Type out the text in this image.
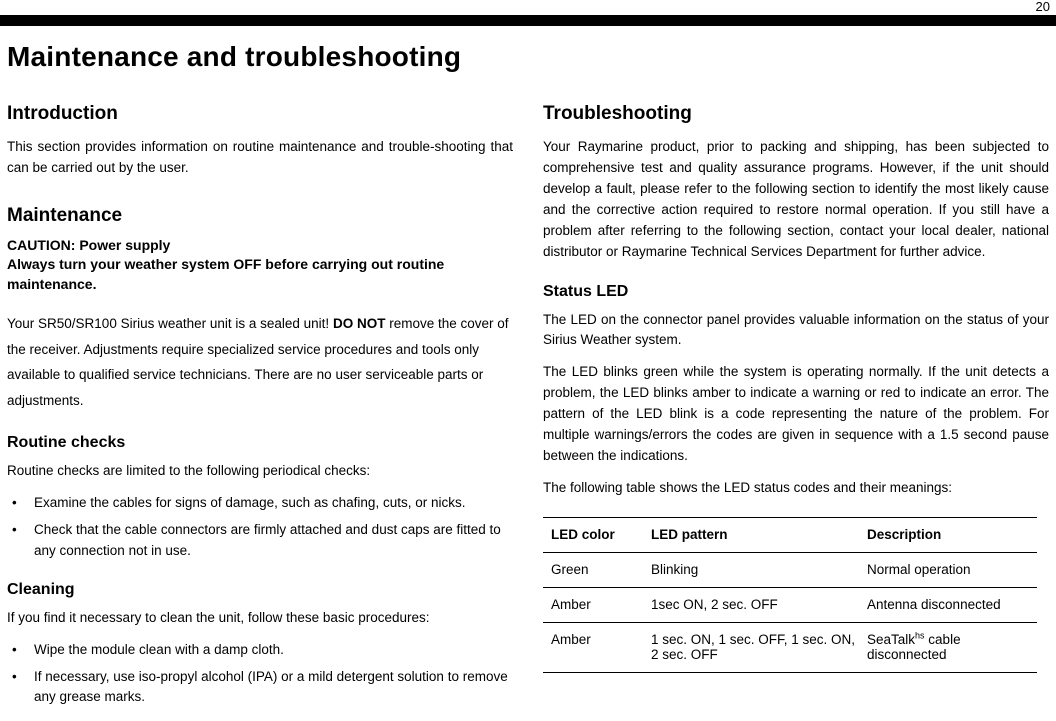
20
Maintenance and troubleshooting
Introduction

This section provides information on routine maintenance and trouble-shooting that can be carried out by the user.

Maintenance
CAUTION: Power supply
Always turn your weather system OFF before carrying out routine maintenance.

Your SR50/SR100 Sirius weather unit is a sealed unit! DO NOT remove the cover of the receiver. Adjustments require specialized service procedures and tools only available to qualified service technicians. There are no user serviceable parts or adjustments.

Routine checks

Routine checks are limited to the following periodical checks:

• Examine the cables for signs of damage, such as chafing, cuts, or nicks.
• Check that the cable connectors are firmly attached and dust caps are fitted to any connection not in use.
Cleaning

If you find it necessary to clean the unit, follow these basic procedures:

• Wipe the module clean with a damp cloth.
• If necessary, use iso-propyl alcohol (IPA) or a mild detergent solution to remove any grease marks.
Troubleshooting

Your Raymarine product, prior to packing and shipping, has been subjected to comprehensive test and quality assurance programs. However, if the unit should develop a fault, please refer to the following section to identify the most likely cause and the corrective action required to restore normal operation. If you still have a problem after referring to the following section, contact your local dealer, national distributor or Raymarine Technical Services Department for further advice.

Status LED

The LED on the connector panel provides valuable information on the status of your Sirius Weather system.

The LED blinks green while the system is operating normally. If the unit detects a problem, the LED blinks amber to indicate a warning or red to indicate an error. The pattern of the LED blink is a code representing the nature of the problem. For multiple warnings/errors the codes are given in sequence with a 1.5 second pause between the indications.

The following table shows the LED status codes and their meanings:

LED color	LED pattern	Description
Green	Blinking	Normal operation
Amber	1sec ON, 2 sec. OFF	Antenna disconnected
Amber	1 sec. ON, 1 sec. OFF, 1 sec. ON, 2 sec. OFF	SeaTalk$^{hs}$ cable disconnected
